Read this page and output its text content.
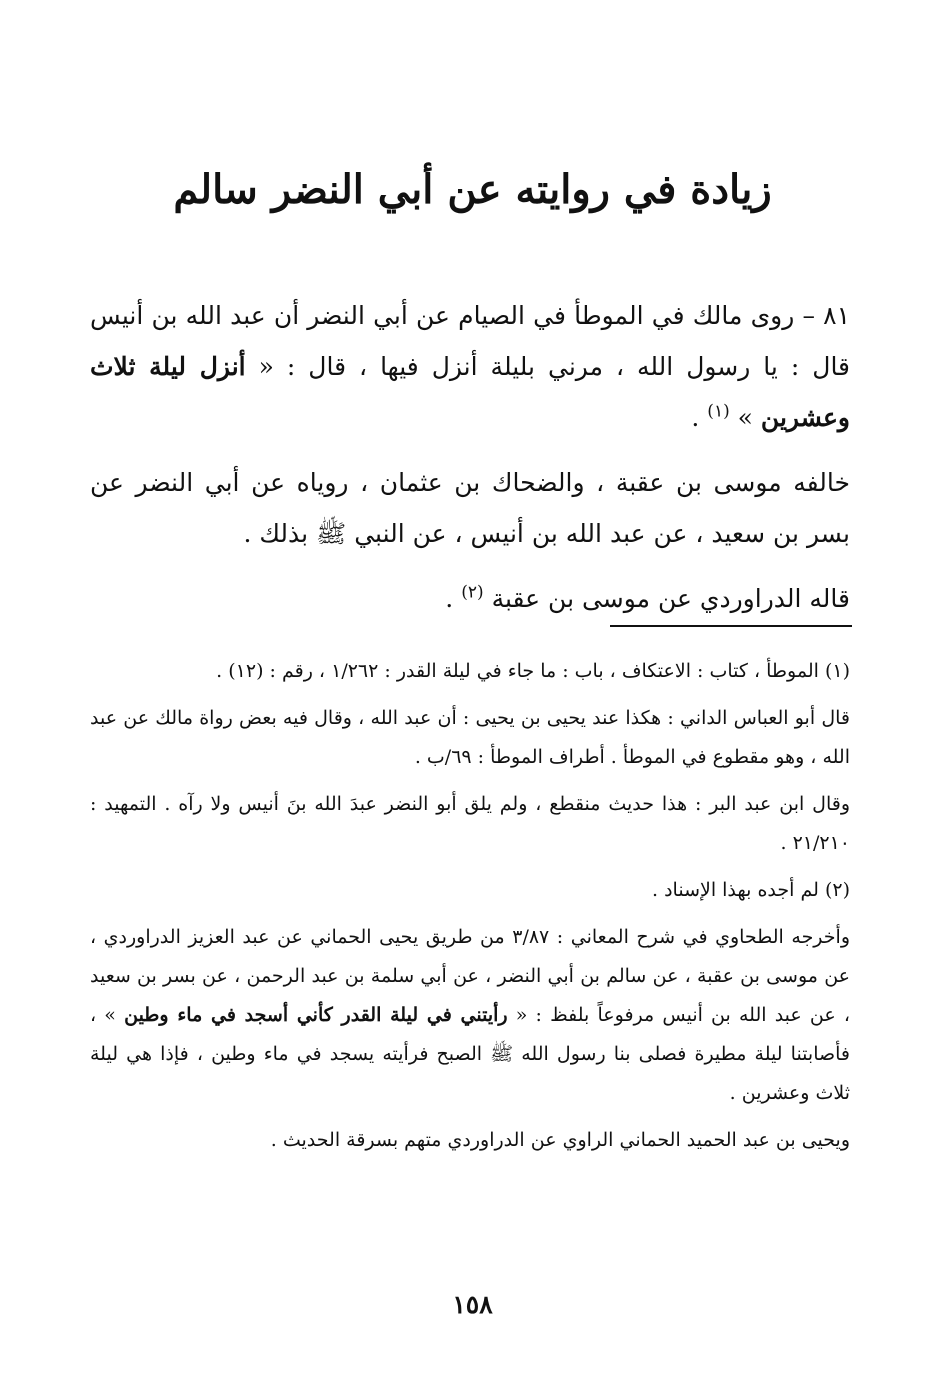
زيادة في روايته عن أبي النضر سالم

٨١ – روى مالك في الموطأ في الصيام عن أبي النضر أن عبد الله بن أنيس قال : يا رسول الله ، مرني بليلة أنزل فيها ، قال : « أنزل ليلة ثلاث وعشرين » $^{(١)}$ .

خالفه موسى بن عقبة ، والضحاك بن عثمان ، روياه عن أبي النضر عن بسر بن سعيد ، عن عبد الله بن أنيس ، عن النبي ﷺ بذلك .

قاله الدراوردي عن موسى بن عقبة $^{(٢)}$ .

(١) الموطأ ، كتاب : الاعتكاف ، باب : ما جاء في ليلة القدر : ١/٢٦٢ ، رقم : (١٢) .

قال أبو العباس الداني : هكذا عند يحيى بن يحيى : أن عبد الله ، وقال فيه بعض رواة مالك عن عبد الله ، وهو مقطوع في الموطأ . أطراف الموطأ : ٦٩/ب .

وقال ابن عبد البر : هذا حديث منقطع ، ولم يلق أبو النضر عبدَ الله بنَ أنيس ولا رآه . التمهيد : ٢١/٢١٠ .

(٢) لم أجده بهذا الإسناد .

وأخرجه الطحاوي في شرح المعاني : ٣/٨٧ من طريق يحيى الحماني عن عبد العزيز الدراوردي ، عن موسى بن عقبة ، عن سالم بن أبي النضر ، عن أبي سلمة بن عبد الرحمن ، عن بسر بن سعيد ، عن عبد الله بن أنيس مرفوعاً بلفظ : « رأيتني في ليلة القدر كأني أسجد في ماء وطين » ، فأصابتنا ليلة مطيرة فصلى بنا رسول الله ﷺ الصبح فرأيته يسجد في ماء وطين ، فإذا هي ليلة ثلاث وعشرين .

ويحيى بن عبد الحميد الحماني الراوي عن الدراوردي متهم بسرقة الحديث .

١٥٨
